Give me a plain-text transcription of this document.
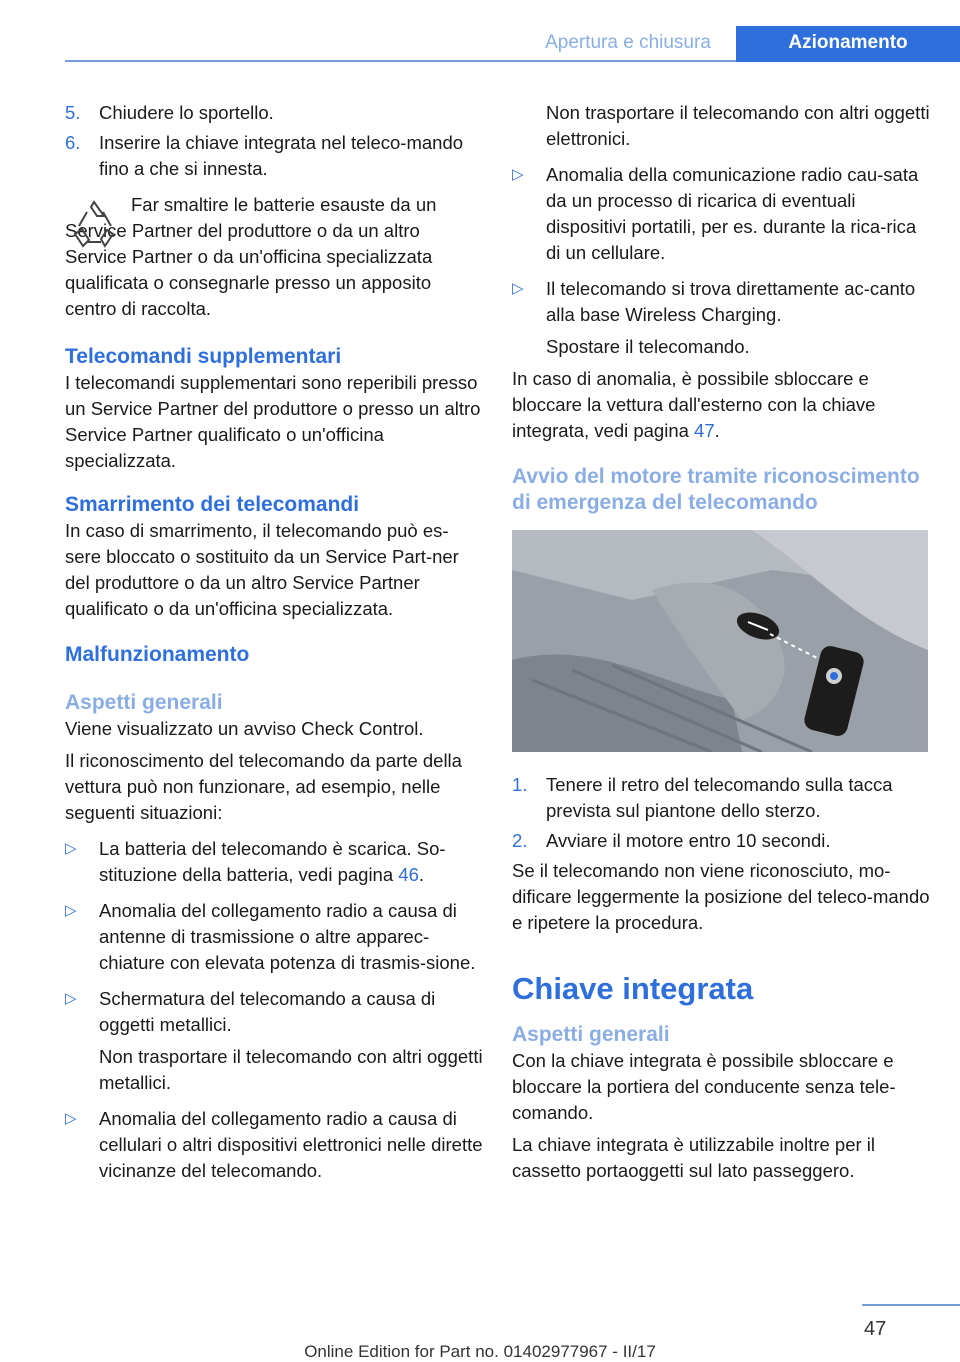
Apertura e chiusura	Azionamento
5.	Chiudere lo sportello.
6.	Inserire la chiave integrata nel teleco-mando fino a che si innesta.

Far smaltire le batterie esauste da un Service Partner del produttore o da un altro Service Partner o da un'officina specializzata qualificata o consegnarle presso un apposito centro di raccolta.

Telecomandi supplementari

I telecomandi supplementari sono reperibili presso un Service Partner del produttore o presso un altro Service Partner qualificato o un'officina specializzata.

Smarrimento dei telecomandi

In caso di smarrimento, il telecomando può es-sere bloccato o sostituito da un Service Part-ner del produttore o da un altro Service Partner qualificato o da un'officina specializzata.

Malfunzionamento
Aspetti generali

Viene visualizzato un avviso Check Control.

Il riconoscimento del telecomando da parte della vettura può non funzionare, ad esempio, nelle seguenti situazioni:

▷	La batteria del telecomando è scarica. So-stituzione della batteria, vedi pagina 46.
▷	Anomalia del collegamento radio a causa di antenne di trasmissione o altre apparec-chiature con elevata potenza di trasmis-sione.
▷	Schermatura del telecomando a causa di oggetti metallici.

Non trasportare il telecomando con altri oggetti metallici.

▷	Anomalia del collegamento radio a causa di cellulari o altri dispositivi elettronici nelle dirette vicinanze del telecomando.

Non trasportare il telecomando con altri oggetti elettronici.

▷	Anomalia della comunicazione radio cau-sata da un processo di ricarica di eventuali dispositivi portatili, per es. durante la rica-rica di un cellulare.
▷	Il telecomando si trova direttamente ac-canto alla base Wireless Charging.

Spostare il telecomando.

In caso di anomalia, è possibile sbloccare e bloccare la vettura dall'esterno con la chiave integrata, vedi pagina 47.

Avvio del motore tramite riconoscimento di emergenza del telecomando
1.	Tenere il retro del telecomando sulla tacca prevista sul piantone dello sterzo.
2.	Avviare il motore entro 10 secondi.

Se il telecomando non viene riconosciuto, mo-dificare leggermente la posizione del teleco-mando e ripetere la procedura.

Chiave integrata
Aspetti generali

Con la chiave integrata è possibile sbloccare e bloccare la portiera del conducente senza tele-comando.

La chiave integrata è utilizzabile inoltre per il cassetto portaoggetti sul lato passeggero.

47
Online Edition for Part no. 01402977967 - II/17
